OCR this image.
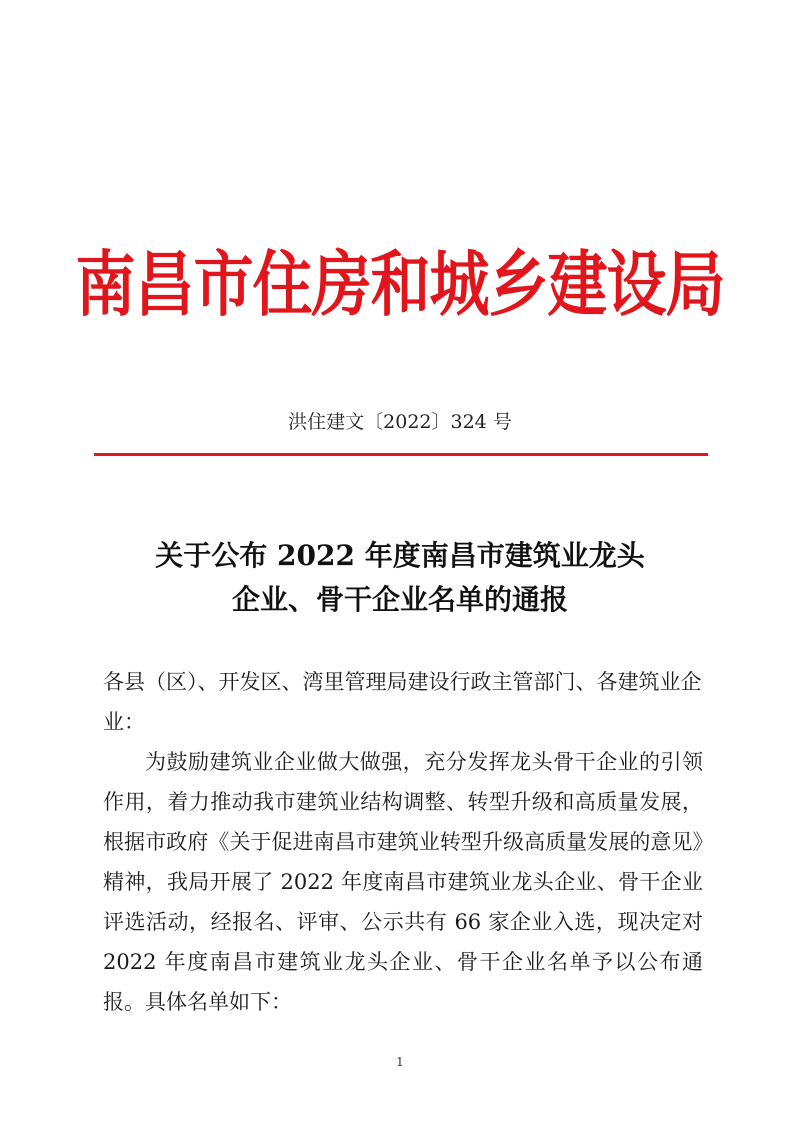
南昌市住房和城乡建设局
洪住建文〔2022〕324 号
关于公布 2022 年度南昌市建筑业龙头
企业、骨干企业名单的通报

各县（区）、开发区、湾里管理局建设行政主管部门、各建筑业企业：

为鼓励建筑业企业做大做强，充分发挥龙头骨干企业的引领作用，着力推动我市建筑业结构调整、转型升级和高质量发展，根据市政府《关于促进南昌市建筑业转型升级高质量发展的意见》精神，我局开展了 2022 年度南昌市建筑业龙头企业、骨干企业评选活动，经报名、评审、公示共有 66 家企业入选，现决定对 2022 年度南昌市建筑业龙头企业、骨干企业名单予以公布通报。具体名单如下：

1
